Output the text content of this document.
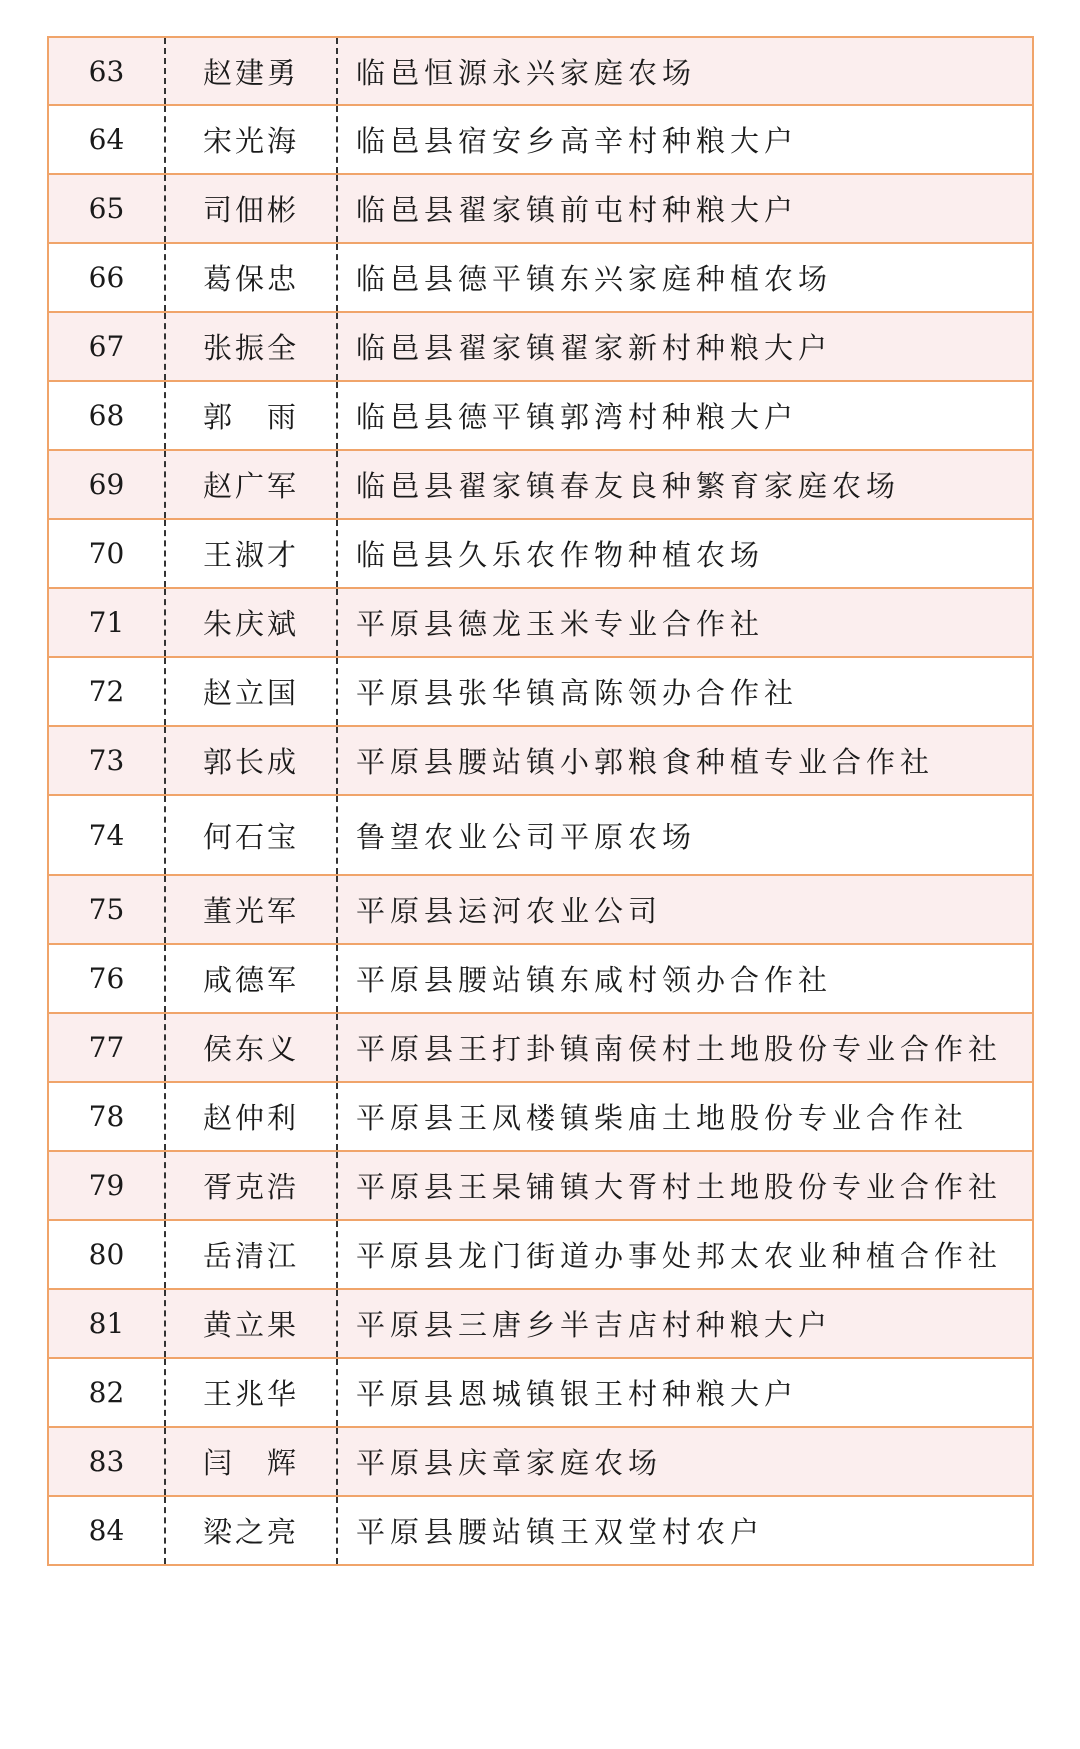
63	赵建勇	临邑恒源永兴家庭农场
64	宋光海	临邑县宿安乡高辛村种粮大户
65	司佃彬	临邑县翟家镇前屯村种粮大户
66	葛保忠	临邑县德平镇东兴家庭种植农场
67	张振全	临邑县翟家镇翟家新村种粮大户
68	郭　雨	临邑县德平镇郭湾村种粮大户
69	赵广军	临邑县翟家镇春友良种繁育家庭农场
70	王淑才	临邑县久乐农作物种植农场
71	朱庆斌	平原县德龙玉米专业合作社
72	赵立国	平原县张华镇高陈领办合作社
73	郭长成	平原县腰站镇小郭粮食种植专业合作社
74	何石宝	鲁望农业公司平原农场
75	董光军	平原县运河农业公司
76	咸德军	平原县腰站镇东咸村领办合作社
77	侯东义	平原县王打卦镇南侯村土地股份专业合作社
78	赵仲利	平原县王凤楼镇柴庙土地股份专业合作社
79	胥克浩	平原县王杲铺镇大胥村土地股份专业合作社
80	岳清江	平原县龙门街道办事处邦太农业种植合作社
81	黄立果	平原县三唐乡半吉店村种粮大户
82	王兆华	平原县恩城镇银王村种粮大户
83	闫　辉	平原县庆章家庭农场
84	梁之亮	平原县腰站镇王双堂村农户
